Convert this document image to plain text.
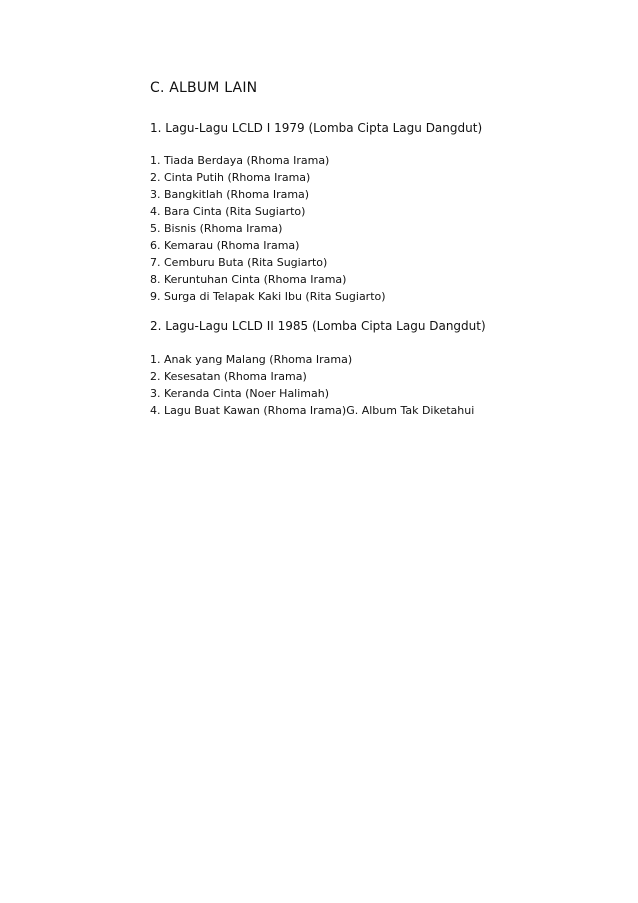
C. ALBUM LAIN
1. Lagu-Lagu LCLD I 1979 (Lomba Cipta Lagu Dangdut)
1. Tiada Berdaya (Rhoma Irama)
2. Cinta Putih (Rhoma Irama)
3. Bangkitlah (Rhoma Irama)
4. Bara Cinta (Rita Sugiarto)
5. Bisnis (Rhoma Irama)
6. Kemarau (Rhoma Irama)
7. Cemburu Buta (Rita Sugiarto)
8. Keruntuhan Cinta (Rhoma Irama)
9. Surga di Telapak Kaki Ibu (Rita Sugiarto)
2. Lagu-Lagu LCLD II 1985 (Lomba Cipta Lagu Dangdut)
1. Anak yang Malang (Rhoma Irama)
2. Kesesatan (Rhoma Irama)
3. Keranda Cinta (Noer Halimah)
4. Lagu Buat Kawan (Rhoma Irama)G. Album Tak Diketahui
